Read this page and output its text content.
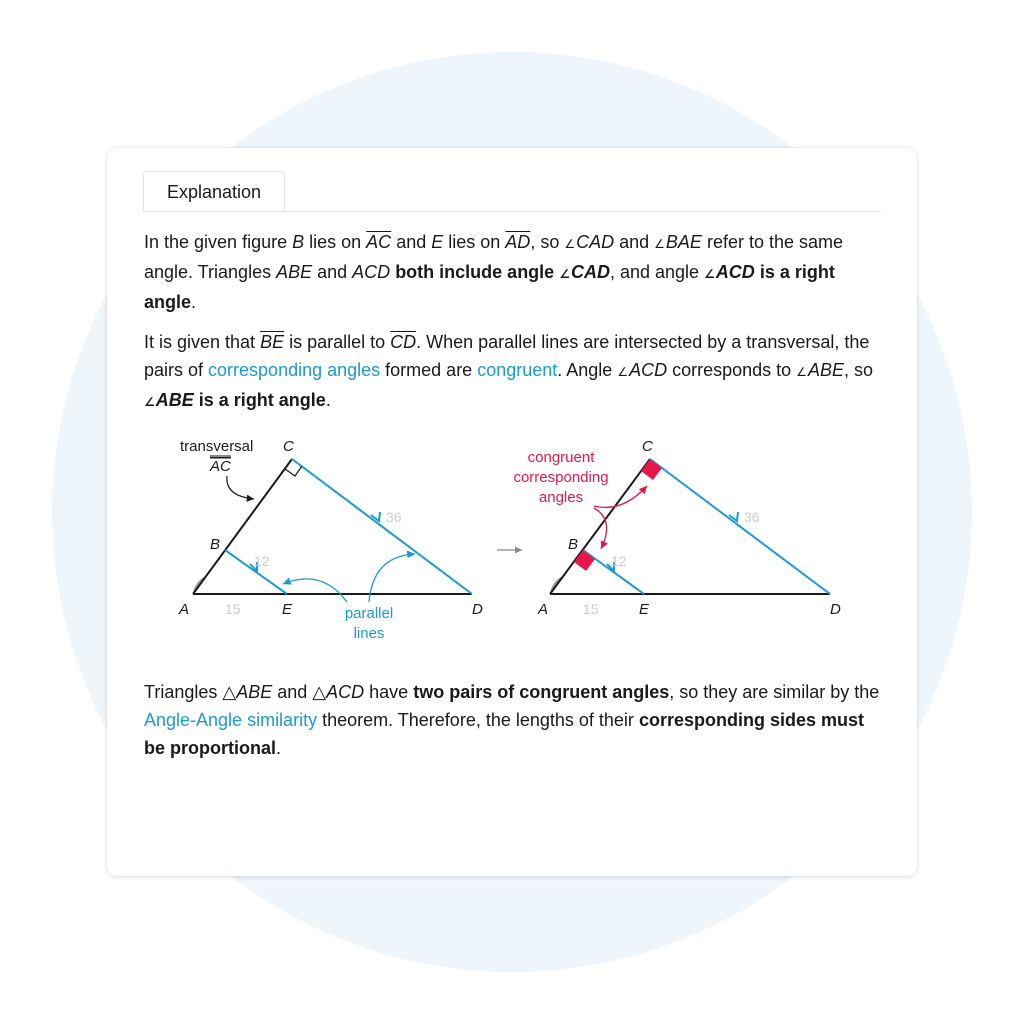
Explanation

In the given figure B lies on $\overline{AC}$ and E lies on $\overline{AD}$, so ∠CAD and ∠BAE refer to the same angle. Triangles ABE and ACD both include angle ∠CAD, and angle ∠ACD is a right angle.

It is given that $\overline{BE}$ is parallel to $\overline{CD}$. When parallel lines are intersected by a transversal, the pairs of corresponding angles formed are congruent. Angle ∠ACD corresponds to ∠ABE, so ∠ABE is a right angle.

transversal
AC
C
B
A	E	D
15
12
36
parallel
lines
congruent
corresponding
angles
C
B
A	E	D
15
12
36

Triangles △ABE and △ACD have two pairs of congruent angles, so they are similar by the Angle-Angle similarity theorem. Therefore, the lengths of their corresponding sides must be proportional.
